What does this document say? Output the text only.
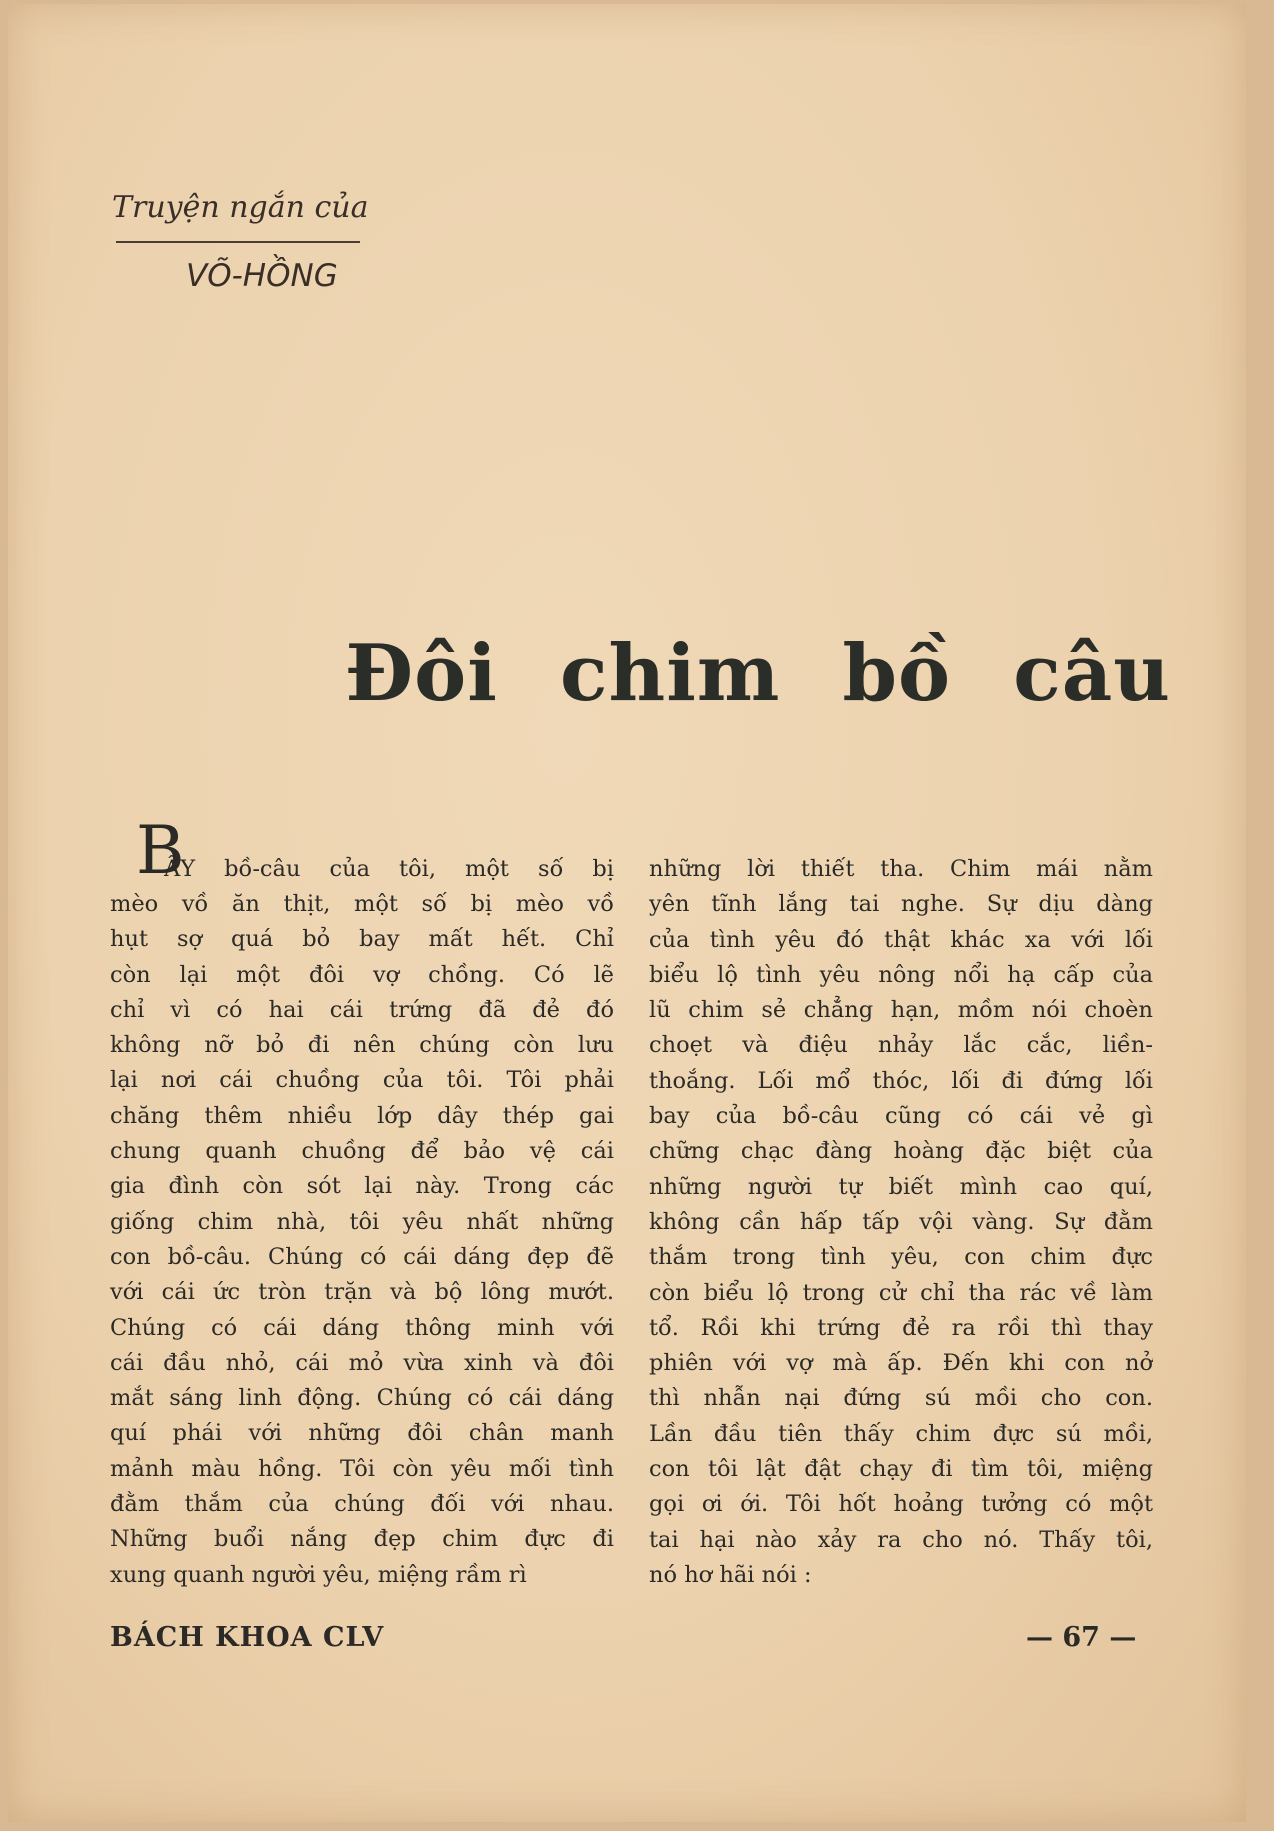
Truyện ngắn của
VÕ-HỒNG
Đôi chim bồ câu
B
ẦY bồ-câu của tôi, một số bị
mèo vồ ăn thịt, một số bị mèo vồ
hụt sợ quá bỏ bay mất hết. Chỉ
còn lại một đôi vợ chồng. Có lẽ
chỉ vì có hai cái trứng đã đẻ đó
không nỡ bỏ đi nên chúng còn lưu
lại nơi cái chuồng của tôi. Tôi phải
chăng thêm nhiều lớp dây thép gai
chung quanh chuồng để bảo vệ cái
gia đình còn sót lại này. Trong các
giống chim nhà, tôi yêu nhất những
con bồ-câu. Chúng có cái dáng đẹp đẽ
với cái ức tròn trặn và bộ lông mướt.
Chúng có cái dáng thông minh với
cái đầu nhỏ, cái mỏ vừa xinh và đôi
mắt sáng linh động. Chúng có cái dáng
quí phái với những đôi chân manh
mảnh màu hồng. Tôi còn yêu mối tình
đằm thắm của chúng đối với nhau.
Những buổi nắng đẹp chim đực đi
xung quanh người yêu, miệng rầm rì
những lời thiết tha. Chim mái nằm
yên tĩnh lắng tai nghe. Sự dịu dàng
của tình yêu đó thật khác xa với lối
biểu lộ tình yêu nông nổi hạ cấp của
lũ chim sẻ chẳng hạn, mồm nói choèn
choẹt và điệu nhảy lắc cắc, liền-
thoắng. Lối mổ thóc, lối đi đứng lối
bay của bồ-câu cũng có cái vẻ gì
chững chạc đàng hoàng đặc biệt của
những người tự biết mình cao quí,
không cần hấp tấp vội vàng. Sự đằm
thắm trong tình yêu, con chim đực
còn biểu lộ trong cử chỉ tha rác về làm
tổ. Rồi khi trứng đẻ ra rồi thì thay
phiên với vợ mà ấp. Đến khi con nở
thì nhẫn nại đứng sú mồi cho con.
Lần đầu tiên thấy chim đực sú mồi,
con tôi lật đật chạy đi tìm tôi, miệng
gọi ơi ới. Tôi hốt hoảng tưởng có một
tai hại nào xảy ra cho nó. Thấy tôi,
nó hơ hãi nói :
BÁCH KHOA CLV	— 67 —
